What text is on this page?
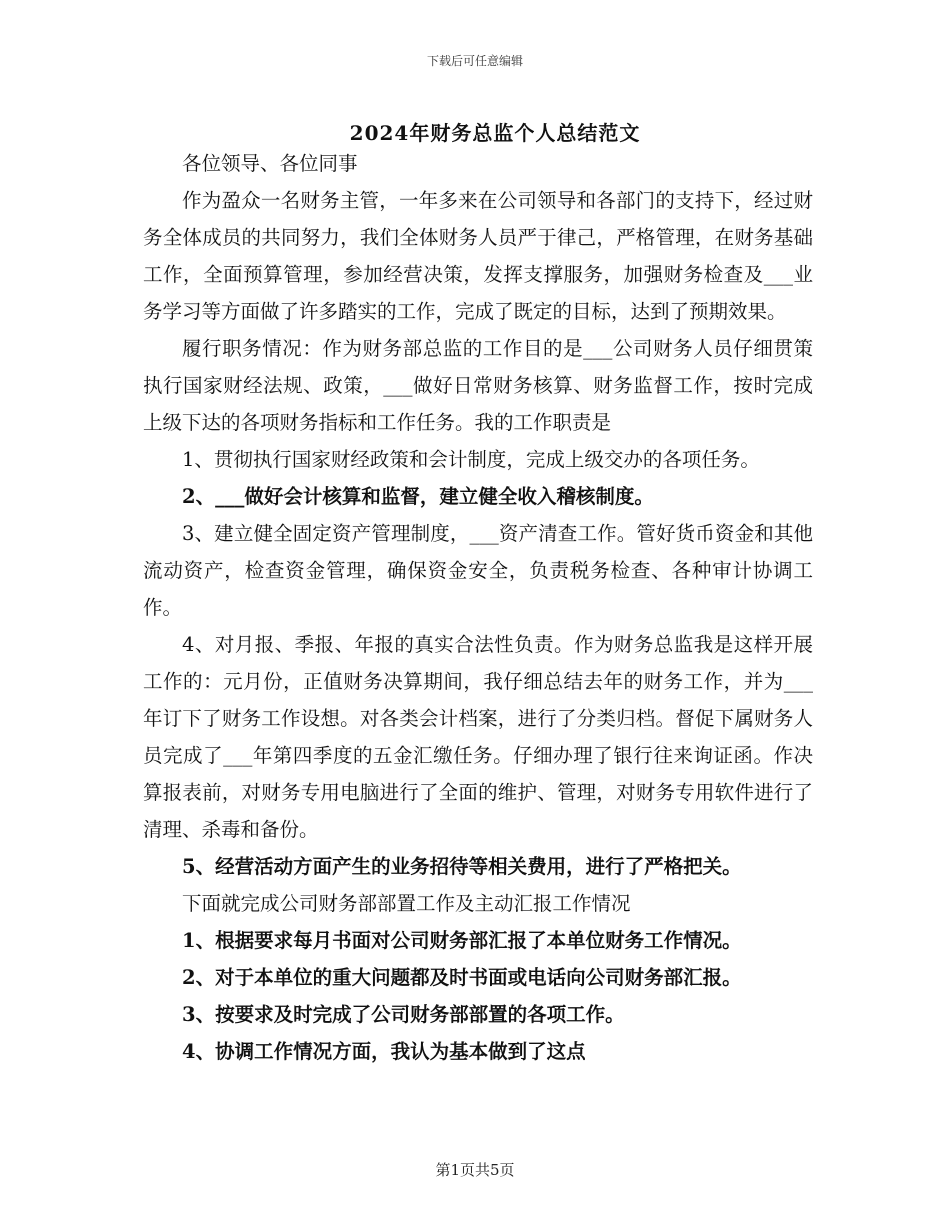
下载后可任意编辑
2024年财务总监个人总结范文

各位领导、各位同事

作为盈众一名财务主管，一年多来在公司领导和各部门的支持下，经过财务全体成员的共同努力，我们全体财务人员严于律己，严格管理，在财务基础工作，全面预算管理，参加经营决策，发挥支撑服务，加强财务检查及___业务学习等方面做了许多踏实的工作，完成了既定的目标，达到了预期效果。

履行职务情况：作为财务部总监的工作目的是___公司财务人员仔细贯策执行国家财经法规、政策，___做好日常财务核算、财务监督工作，按时完成上级下达的各项财务指标和工作任务。我的工作职责是

1、贯彻执行国家财经政策和会计制度，完成上级交办的各项任务。

2、___做好会计核算和监督，建立健全收入稽核制度。

3、建立健全固定资产管理制度，___资产清查工作。管好货币资金和其他流动资产，检查资金管理，确保资金安全，负责税务检查、各种审计协调工作。

4、对月报、季报、年报的真实合法性负责。作为财务总监我是这样开展工作的：元月份，正值财务决算期间，我仔细总结去年的财务工作，并为___年订下了财务工作设想。对各类会计档案，进行了分类归档。督促下属财务人员完成了___年第四季度的五金汇缴任务。仔细办理了银行往来询证函。作决算报表前，对财务专用电脑进行了全面的维护、管理，对财务专用软件进行了清理、杀毒和备份。

5、经营活动方面产生的业务招待等相关费用，进行了严格把关。

下面就完成公司财务部部置工作及主动汇报工作情况

1、根据要求每月书面对公司财务部汇报了本单位财务工作情况。

2、对于本单位的重大问题都及时书面或电话向公司财务部汇报。

3、按要求及时完成了公司财务部部置的各项工作。

4、协调工作情况方面，我认为基本做到了这点

第1页共5页
